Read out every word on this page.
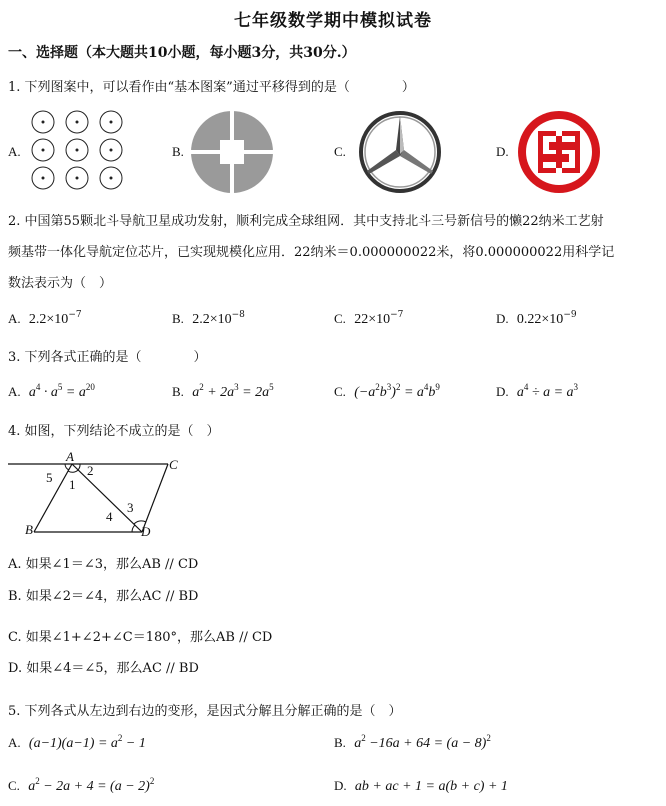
七年级数学期中模拟试卷
一、选择题（本大题共10小题，每小题3分，共30分.）
1. 下列图案中，可以看作由“基本图案”通过平移得到的是（　　　　）
A.	B.	C.	D.
2. 中国第55颗北斗导航卫星成功发射，顺利完成全球组网．其中支持北斗三号新信号的懒22纳米工艺射
频基带一体化导航定位芯片，已实现规模化应用．22纳米＝0.000000022米，将0.000000022用科学记
数法表示为（　）
A. $2.2\times 10^{-7}$	B. $2.2\times 10^{-8}$	C. $22\times 10^{-7}$	D. $0.22\times 10^{-9}$
3. 下列各式正确的是（　　　　）
A. $a^4 \cdot a^5 = a^{20}$	B. $a^2 + 2a^3 = 2a^5$	C. $(-a^2b^3)^2 = a^4b^9$	D. $a^4 \div a = a^3$
4. 如图，下列结论不成立的是（　）
A
C
B	D
2
1
5
3
4
A. 如果∠1＝∠3，那么AB // CD
B. 如果∠2＝∠4，那么AC // BD
C. 如果∠1+∠2+∠C＝180°，那么AB // CD
D. 如果∠4＝∠5，那么AC // BD
5. 下列各式从左边到右边的变形，是因式分解且分解正确的是（　）
A. $(a-1)(a-1) = a^2 - 1$	B. $a^2 -16a + 64 = (a - 8)^2$
C. $a^2 - 2a + 4 = (a - 2)^2$	D. ab + ac + 1 = a(b + c) + 1
